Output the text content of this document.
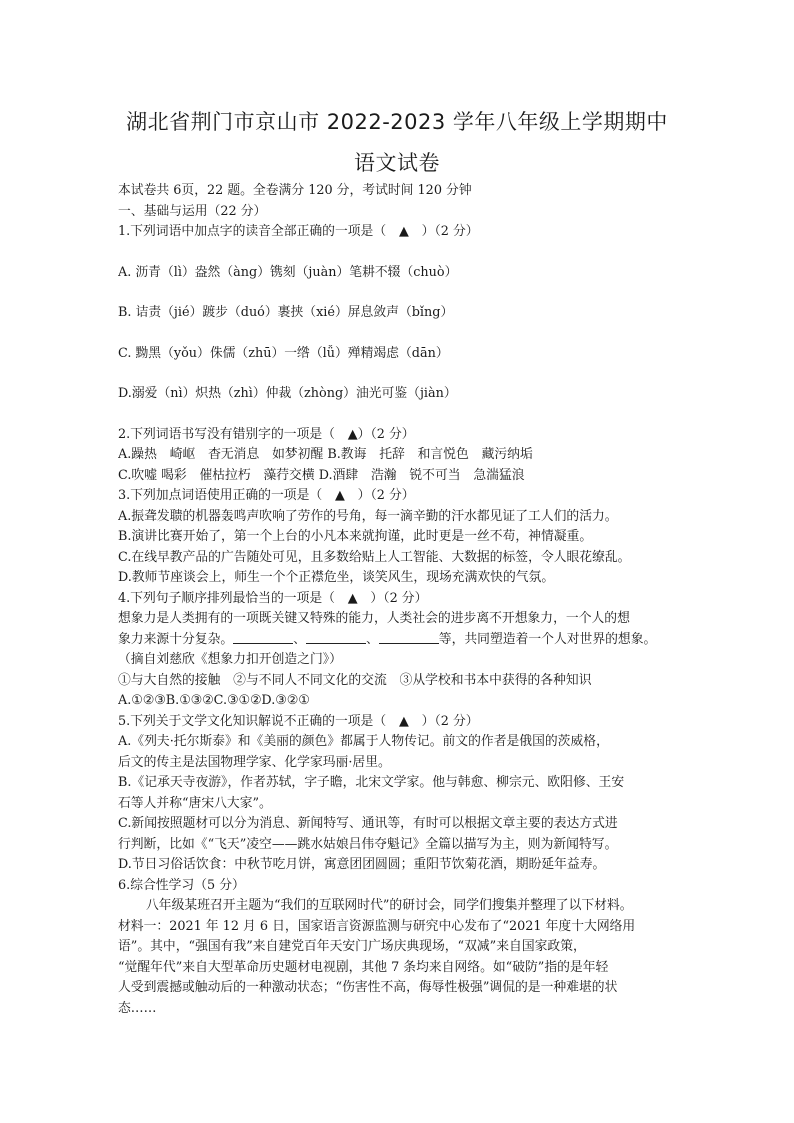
湖北省荆门市京山市 2022-2023 学年八年级上学期期中
语文试卷
本试卷共 6页，22 题。全卷满分 120 分，考试时间 120 分钟
一、基础与运用（22 分）
1.下列词语中加点字的读音全部正确的一项是（　▲　）（2 分）
A. 沥青（lì）盎然（àng）镌刻（juàn）笔耕不辍（chuò）
B. 诘责（jié）踱步（duó）裹挟（xié）屏息敛声（bǐng）
C. 黝黑（yǒu）侏儒（zhū）一绺（lǚ）殚精竭虑（dān）
D.溺爱（nì）炽热（zhì）仲裁（zhòng）油光可鉴（jiàn）
2.下列词语书写没有错别字的一项是（　▲）（2 分）
A.躁热　崎岖　杳无消息　如梦初醒 B.教诲　托辞　和言悦色　藏污纳垢
C.吹嘘 喝彩　催枯拉朽　藻荇交横 D.酒肆　浩瀚　锐不可当　急湍猛浪
3.下列加点词语使用正确的一项是（　▲　）（2 分）
A.振聋发聩的机器轰鸣声吹响了劳作的号角，每一滴辛勤的汗水都见证了工人们的活力。
B.演讲比赛开始了，第一个上台的小凡本来就拘谨，此时更是一丝不苟，神情凝重。
C.在线早教产品的广告随处可见，且多数给贴上人工智能、大数据的标签，令人眼花缭乱。
D.教师节座谈会上，师生一个个正襟危坐，谈笑风生，现场充满欢快的气氛。
4.下列句子顺序排列最恰当的一项是（　▲　）（2 分）
想象力是人类拥有的一项既关键又特殊的能力，人类社会的进步离不开想象力，一个人的想
象力来源十分复杂。	、	、	等，共同塑造着一个人对世界的想象。
（摘自刘慈欣《想象力扣开创造之门》）
①与大自然的接触　②与不同人不同文化的交流　③从学校和书本中获得的各种知识
A.①②③B.①③②C.③①②D.③②①
5.下列关于文学文化知识解说不正确的一项是（　▲　）（2 分）
A.《列夫·托尔斯泰》和《美丽的颜色》都属于人物传记。前文的作者是俄国的茨威格，
后文的传主是法国物理学家、化学家玛丽·居里。
B.《记承天寺夜游》，作者苏轼，字子瞻，北宋文学家。他与韩愈、柳宗元、欧阳修、王安
石等人并称“唐宋八大家”。
C.新闻按照题材可以分为消息、新闻特写、通讯等，有时可以根据文章主要的表达方式进
行判断，比如《“飞天”凌空——跳水姑娘吕伟夺魁记》全篇以描写为主，则为新闻特写。
D.节日习俗话饮食：中秋节吃月饼，寓意团团圆圆；重阳节饮菊花酒，期盼延年益寿。
6.综合性学习（5 分）
八年级某班召开主题为“我们的互联网时代”的研讨会，同学们搜集并整理了以下材料。
材料一：2021 年 12 月 6 日，国家语言资源监测与研究中心发布了“2021 年度十大网络用
语”。其中，“强国有我”来自建党百年天安门广场庆典现场，“双减”来自国家政策，
“觉醒年代”来自大型革命历史题材电视剧，其他 7 条均来自网络。如“破防”指的是年轻
人受到震撼或触动后的一种激动状态；“伤害性不高，侮辱性极强”调侃的是一种难堪的状
态……
